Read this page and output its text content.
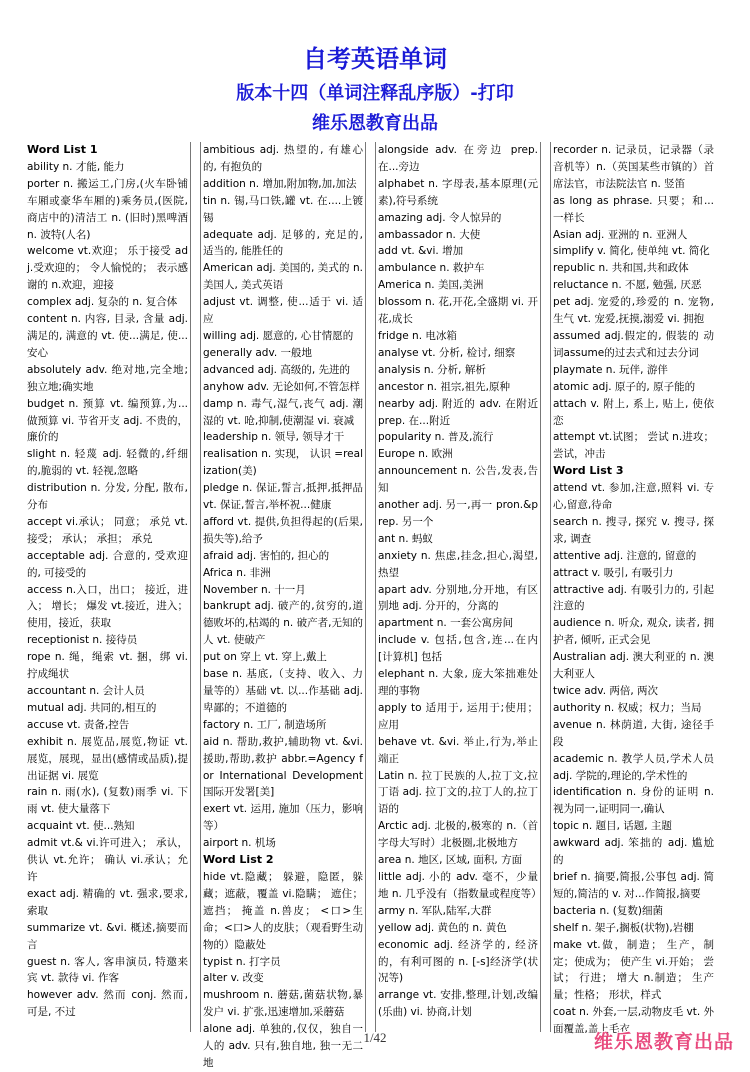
自考英语单词
版本十四（单词注释乱序版）-打印
维乐恩教育出品
Word List 1
ability n. 才能, 能力
porter n. 搬运工,门房,(火车卧铺车厢或豪华车厢的)乘务员,(医院,商店中的)清洁工 n. (旧时)黑啤酒 n. 波特(人名)
welcome vt.欢迎； 乐于接受 adj.受欢迎的； 令人愉悦的； 表示感谢的 n.欢迎，迎接
complex adj. 复杂的 n. 复合体
content n. 内容, 目录, 含量 adj. 满足的, 满意的 vt. 使...满足, 使...安心
absolutely adv. 绝对地,完全地;独立地;确实地
budget n. 预算 vt. 编预算,为...做预算 vi. 节省开支 adj. 不贵的，廉价的
slight n. 轻蔑 adj. 轻微的,纤细的,脆弱的 vt. 轻视,忽略
distribution n. 分发, 分配, 散布, 分布
accept vi.承认； 同意； 承兑 vt.接受； 承认； 承担； 承兑
acceptable adj. 合意的, 受欢迎的, 可接受的
access n.入口，出口； 接近，进入； 增长； 爆发 vt.接近，进入；使用，接近，获取
receptionist n. 接待员
rope n. 绳，绳索 vt. 捆，绑 vi. 拧成绳状
accountant n. 会计人员
mutual adj. 共同的,相互的
accuse vt. 责备,控告
exhibit n. 展览品,展览,物证 vt. 展览，展现，显出(感情或品质),提出证据 vi. 展览
rain n. 雨(水), (复数)雨季 vi. 下雨 vt. 使大量落下
acquaint vt. 使...熟知
admit vt.& vi.许可进入； 承认，供认 vt.允许； 确认 vi.承认；允许
exact adj. 精确的 vt. 强求,要求,索取
summarize vt. &vi. 概述,摘要而言
guest n. 客人, 客串演员, 特邀来宾 vt. 款待 vi. 作客
however adv. 然而 conj. 然而, 可是, 不过
ambitious adj. 热望的, 有雄心的, 有抱负的
addition n. 增加,附加物,加,加法
tin n. 锡,马口铁,罐 vt. 在....上镀锡
adequate adj. 足够的, 充足的, 适当的, 能胜任的
American adj. 美国的, 美式的 n. 美国人, 美式英语
adjust vt. 调整, 使...适于 vi. 适应
willing adj. 愿意的, 心甘情愿的
generally adv. 一般地
advanced adj. 高级的, 先进的
anyhow adv. 无论如何,不管怎样
damp n. 毒气,湿气,丧气 adj. 潮湿的 vt. 呛,抑制,使潮湿 vi. 衰减
leadership n. 领导, 领导才干
realisation n. 实现， 认识 =realization(美)
pledge n. 保证,誓言,抵押,抵押品 vt. 保证,誓言,举杯祝...健康
afford vt. 提供,负担得起的(后果,损失等),给予
afraid adj. 害怕的, 担心的
Africa n. 非洲
November n. 十一月
bankrupt adj. 破产的,贫穷的,道德败坏的,枯竭的 n. 破产者,无知的人 vt. 使破产
put on 穿上 vt. 穿上,戴上
base n. 基底,（支持、收入、力量等的）基础 vt. 以...作基础 adj. 卑鄙的；不道德的
factory n. 工厂, 制造场所
aid n. 帮助,救护,辅助物 vt. &vi. 援助,帮助,救护 abbr.=Agency for International Development 国际开发署[美]
exert vt. 运用, 施加（压力，影响等）
airport n. 机场
Word List 2
hide vt.隐藏； 躲避，隐匿，躲藏；遮蔽，覆盖 vi.隐瞒； 遮住；遮挡； 掩盖 n.兽皮； <口>生命；<口>人的皮肤；（观看野生动物的）隐蔽处
typist n. 打字员
alter v. 改变
mushroom n. 蘑菇,菌菇状物,暴发户 vi. 扩张,迅速增加,采蘑菇
alone adj. 单独的,仅仅，独自一人的 adv. 只有,独自地, 独一无二地
alongside adv. 在旁边 prep. 在...旁边
alphabet n. 字母表,基本原理(元素),符号系统
amazing adj. 令人惊异的
ambassador n. 大使
add vt. &vi. 增加
ambulance n. 救护车
America n. 美国,美洲
blossom n. 花,开花,全盛期 vi. 开花,成长
fridge n. 电冰箱
analyse vt. 分析, 检讨, 细察
analysis n. 分析, 解析
ancestor n. 祖宗,祖先,原种
nearby adj. 附近的 adv. 在附近 prep. 在...附近
popularity n. 普及,流行
Europe n. 欧洲
announcement n. 公告,发表,告知
another adj. 另一,再一 pron.&prep. 另一个
ant n. 蚂蚁
anxiety n. 焦虑,挂念,担心,渴望,热望
apart adv. 分别地,分开地，有区别地 adj. 分开的，分离的
apartment n. 一套公寓房间
include v. 包括,包含,连...在内 [计算机] 包括
elephant n. 大象, 庞大笨拙难处理的事物
apply to 适用于, 运用于;使用；应用
behave vt. &vi. 举止,行为,举止端正
Latin n. 拉丁民族的人,拉丁文,拉丁语 adj. 拉丁文的,拉丁人的,拉丁语的
Arctic adj. 北极的,极寒的 n.（首字母大写时）北极圈,北极地方
area n. 地区, 区域, 面积, 方面
little adj. 小的 adv. 毫不，少量地 n. 几乎没有（指数量或程度等）
army n. 军队,陆军,大群
yellow adj. 黄色的 n. 黄色
economic adj. 经济学的, 经济的，有利可图的 n. [-s]经济学(状况等)
arrange vt. 安排,整理,计划,改编(乐曲) vi. 协商,计划
recorder n. 记录员，记录器（录音机等）n.（英国某些市镇的）首席法官，市法院法官 n. 竖笛
as long as phrase. 只要；和...一样长
Asian adj. 亚洲的 n. 亚洲人
simplify v. 简化, 使单纯 vt. 简化
republic n. 共和国,共和政体
reluctance n. 不愿, 勉强, 厌恶
pet adj. 宠爱的,珍爱的 n. 宠物,生气 vt. 宠爱,抚摸,溺爱 vi. 拥抱
assumed adj.假定的, 假装的 动词assume的过去式和过去分词
playmate n. 玩伴, 游伴
atomic adj. 原子的, 原子能的
attach v. 附上, 系上, 贴上, 使依恋
attempt vt.试图； 尝试 n.进攻；尝试，冲击
Word List 3
attend vt. 参加,注意,照料 vi. 专心,留意,待命
search n. 搜寻, 探究 v. 搜寻, 探求, 调查
attentive adj. 注意的, 留意的
attract v. 吸引, 有吸引力
attractive adj. 有吸引力的, 引起注意的
audience n. 听众, 观众, 读者, 拥护者, 倾听, 正式会见
Australian adj. 澳大利亚的 n. 澳大利亚人
twice adv. 两倍, 两次
authority n. 权威；权力；当局
avenue n. 林荫道, 大街, 途径手段
academic n. 教学人员,学术人员 adj. 学院的,理论的,学术性的
identification n. 身份的证明 n. 视为同一,证明同一,确认
topic n. 题目, 话题, 主题
awkward adj. 笨拙的 adj. 尴尬的
brief n. 摘要,简报,公事包 adj. 简短的,简洁的 v. 对...作简报,摘要
bacteria n. (复数)细菌
shelf n. 架子,搁板(状物),岩棚
make vt.做，制造； 生产，制定；使成为； 使产生 vi.开始； 尝试； 行进； 增大 n.制造； 生产量；性格； 形状，样式
coat n. 外套,一层,动物皮毛 vt. 外面覆盖,盖上毛衣
1/42	维乐恩教育出品
